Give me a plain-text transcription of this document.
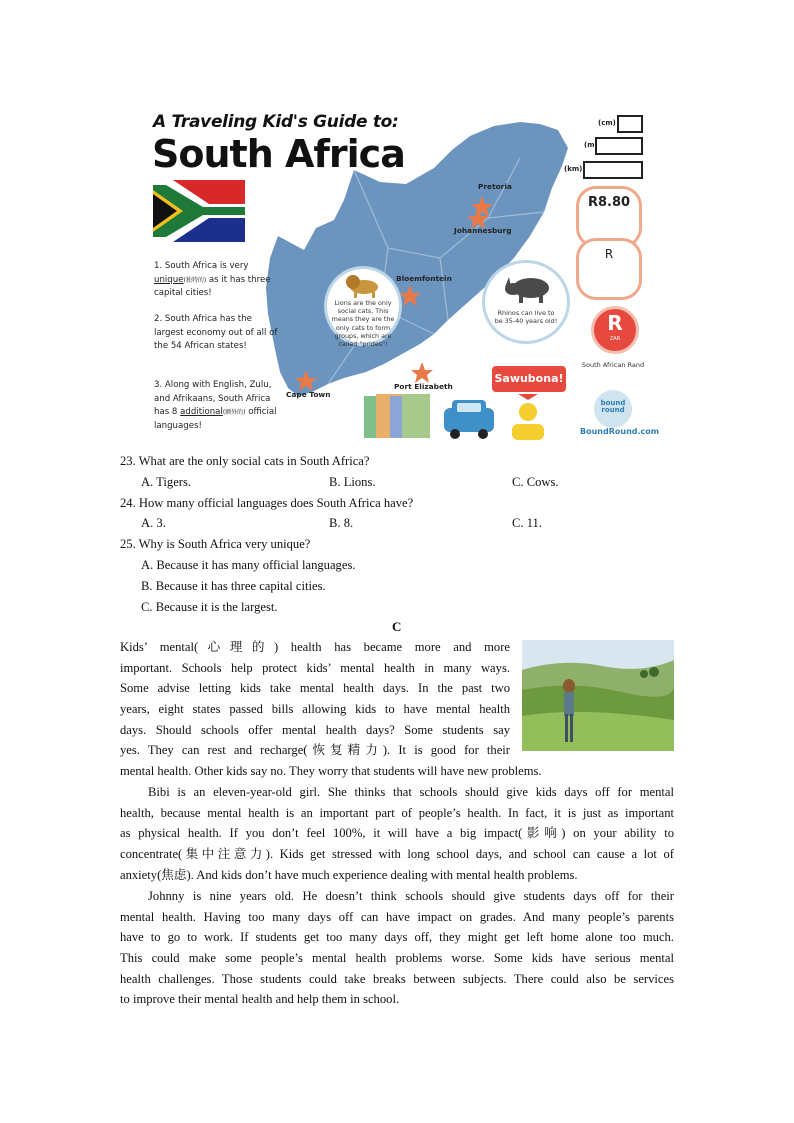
A Traveling Kid's Guide to:
South Africa
1. South Africa is very unique(独特的) as it has three capital cities!
2. South Africa has the largest economy out of all of the 54 African states!
3. Along with English, Zulu, and Afrikaans, South Africa has 8 additional(额外的) official languages!
Pretoria
Johannesburg
Bloemfontein
Cape Town
Port Elizabeth
Lions are the only social cats. This means they are the only cats to form groups, which are called "prides"!
Rhinos can live to be 35-40 years old!
Sawubona!
(cm)
(m)
(km)
R8.80
R
R
ZAR
South African Rand
bound round
BoundRound.com
23. What are the only social cats in South Africa?
A. Tigers.	B. Lions.	C. Cows.
24. How many official languages does South Africa have?
A. 3.	B. 8.	C. 11.
25. Why is South Africa very unique?
A. Because it has many official languages.
B. Because it has three capital cities.
C. Because it is the largest.
C
Kids’ mental(心理的) health has became more and more
important. Schools help protect kids’ mental health in many ways.
Some advise letting kids take mental health days. In the past two
years, eight states passed bills allowing kids to have mental health
days. Should schools offer mental health days? Some students say
yes. They can rest and recharge(恢复精力). It is good for their
mental health. Other kids say no. They worry that students will have new problems.
Bibi is an eleven-year-old girl. She thinks that schools should give kids days off for mental
health, because mental health is an important part of people’s health. In fact, it is just as important
as physical health. If you don’t feel 100%, it will have a big impact(影响) on your ability to
concentrate(集中注意力). Kids get stressed with long school days, and school can cause a lot of
anxiety(焦虑). And kids don’t have much experience dealing with mental health problems.
Johnny is nine years old. He doesn’t think schools should give students days off for their
mental health. Having too many days off can have impact on grades. And many people’s parents
have to go to work. If students get too many days off, they might get left home alone too much.
This could make some people’s mental health problems worse. Some kids have serious mental
health challenges. Those students could take breaks between subjects. There could also be services
to improve their mental health and help them in school.
